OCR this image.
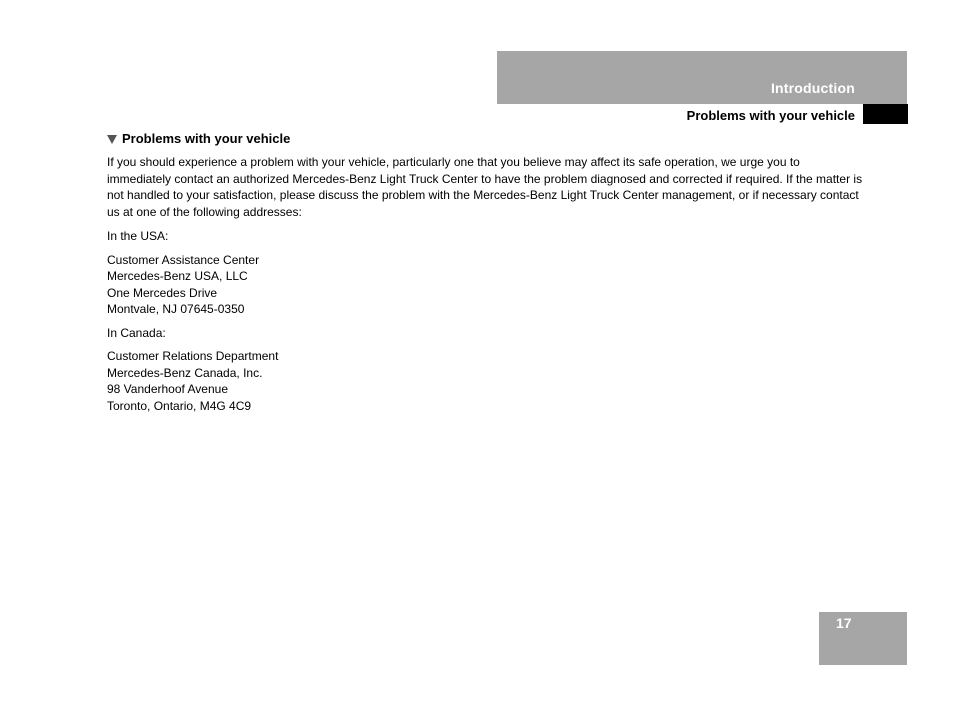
Introduction
Problems with your vehicle
Problems with your vehicle

If you should experience a problem with your vehicle, particularly one that you believe may affect its safe operation, we urge you to immediately contact an authorized Mercedes-Benz Light Truck Center to have the problem diagnosed and corrected if required. If the matter is not handled to your satisfaction, please discuss the problem with the Mercedes-Benz Light Truck Center management, or if necessary contact us at one of the following addresses:

In the USA:

Customer Assistance Center
Mercedes-Benz USA, LLC
One Mercedes Drive
Montvale, NJ 07645-0350

In Canada:

Customer Relations Department
Mercedes-Benz Canada, Inc.
98 Vanderhoof Avenue
Toronto, Ontario, M4G 4C9
17
